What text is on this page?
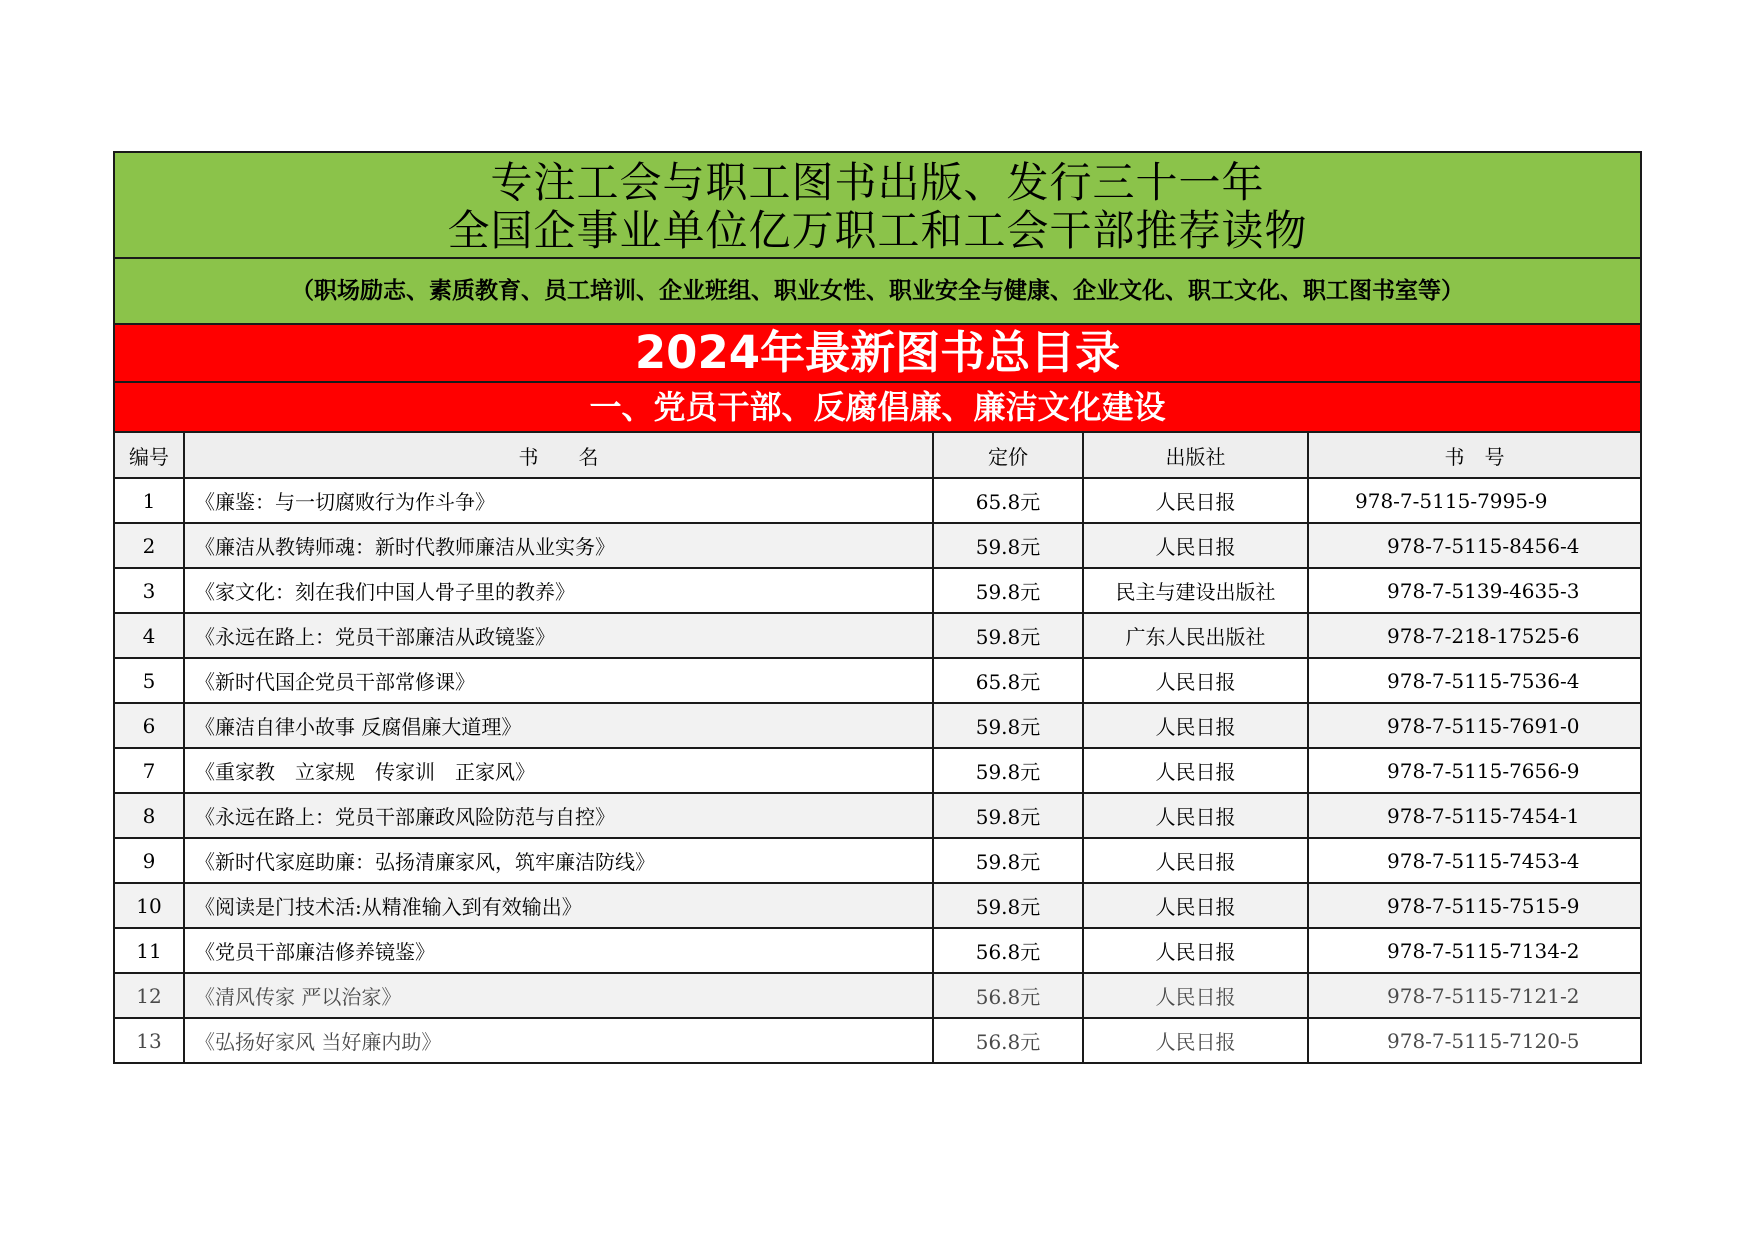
专注工会与职工图书出版、发行三十一年
全国企事业单位亿万职工和工会干部推荐读物
（职场励志、素质教育、员工培训、企业班组、职业女性、职业安全与健康、企业文化、职工文化、职工图书室等）
2024年最新图书总目录
一、党员干部、反腐倡廉、廉洁文化建设
编号	书　　名	定价	出版社	书　号
1	《廉鉴：与一切腐败行为作斗争》	65.8元	人民日报	978-7-5115-7995-9
2	《廉洁从教铸师魂：新时代教师廉洁从业实务》	59.8元	人民日报	978-7-5115-8456-4
3	《家文化：刻在我们中国人骨子里的教养》	59.8元	民主与建设出版社	978-7-5139-4635-3
4	《永远在路上：党员干部廉洁从政镜鉴》	59.8元	广东人民出版社	978-7-218-17525-6
5	《新时代国企党员干部常修课》	65.8元	人民日报	978-7-5115-7536-4
6	《廉洁自律小故事 反腐倡廉大道理》	59.8元	人民日报	978-7-5115-7691-0
7	《重家教　立家规　传家训　正家风》	59.8元	人民日报	978-7-5115-7656-9
8	《永远在路上：党员干部廉政风险防范与自控》	59.8元	人民日报	978-7-5115-7454-1
9	《新时代家庭助廉：弘扬清廉家风，筑牢廉洁防线》	59.8元	人民日报	978-7-5115-7453-4
10	《阅读是门技术活:从精准输入到有效输出》	59.8元	人民日报	978-7-5115-7515-9
11	《党员干部廉洁修养镜鉴》	56.8元	人民日报	978-7-5115-7134-2
12	《清风传家 严以治家》	56.8元	人民日报	978-7-5115-7121-2
13	《弘扬好家风 当好廉内助》	56.8元	人民日报	978-7-5115-7120-5
